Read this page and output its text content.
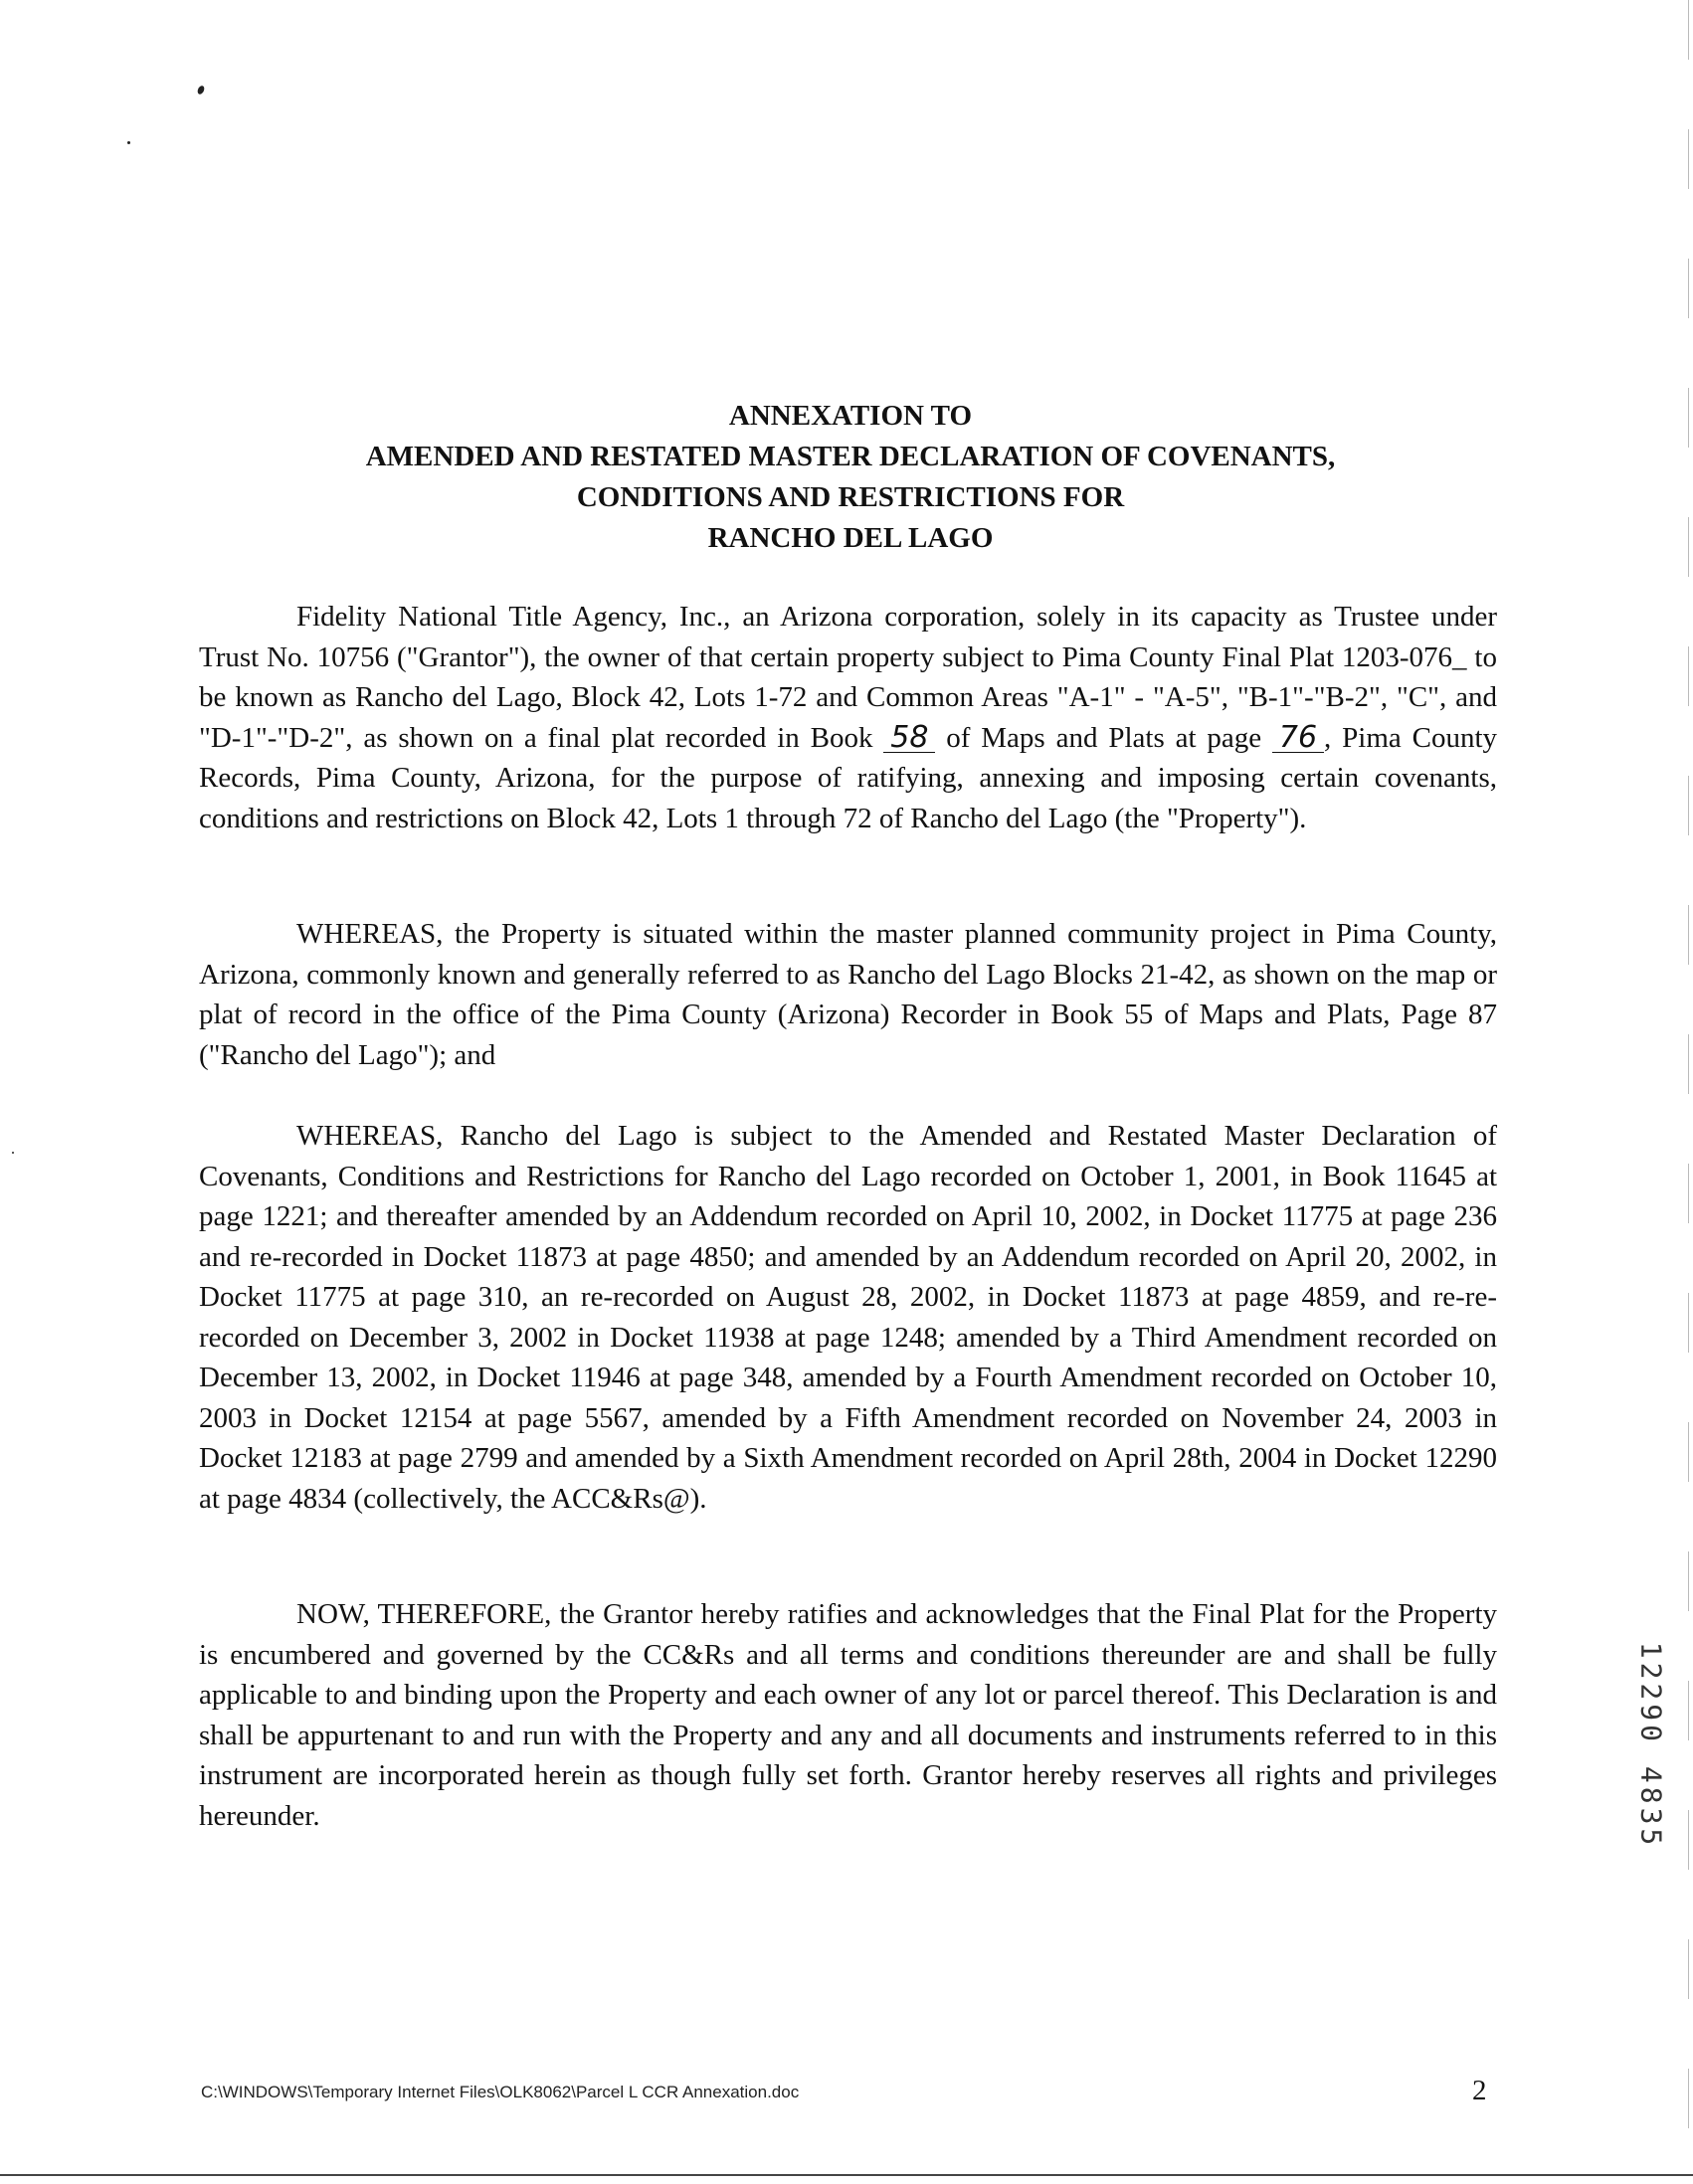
ANNEXATION TO
AMENDED AND RESTATED MASTER DECLARATION OF COVENANTS,
CONDITIONS AND RESTRICTIONS FOR
RANCHO DEL LAGO
Fidelity National Title Agency, Inc., an Arizona corporation, solely in its capacity as Trustee under Trust No. 10756 ("Grantor"), the owner of that certain property subject to Pima County Final Plat 1203-076_ to be known as Rancho del Lago, Block 42, Lots 1-72 and Common Areas "A-1" - "A-5", "B-1"-"B-2", "C", and "D-1"-"D-2", as shown on a final plat recorded in Book 58 of Maps and Plats at page 76 , Pima County Records, Pima County, Arizona, for the purpose of ratifying, annexing and imposing certain covenants, conditions and restrictions on Block 42, Lots 1 through 72 of Rancho del Lago (the "Property").
WHEREAS, the Property is situated within the master planned community project in Pima County, Arizona, commonly known and generally referred to as Rancho del Lago Blocks 21-42, as shown on the map or plat of record in the office of the Pima County (Arizona) Recorder in Book 55 of Maps and Plats, Page 87 ("Rancho del Lago"); and
WHEREAS, Rancho del Lago is subject to the Amended and Restated Master Declaration of Covenants, Conditions and Restrictions for Rancho del Lago recorded on October 1, 2001, in Book 11645 at page 1221; and thereafter amended by an Addendum recorded on April 10, 2002, in Docket 11775 at page 236 and re-recorded in Docket 11873 at page 4850; and amended by an Addendum recorded on April 20, 2002, in Docket 11775 at page 310, an re-recorded on August 28, 2002, in Docket 11873 at page 4859, and re-re-recorded on December 3, 2002 in Docket 11938 at page 1248; amended by a Third Amendment recorded on December 13, 2002, in Docket 11946 at page 348, amended by a Fourth Amendment recorded on October 10, 2003 in Docket 12154 at page 5567, amended by a Fifth Amendment recorded on November 24, 2003 in Docket 12183 at page 2799 and amended by a Sixth Amendment recorded on April 28th, 2004 in Docket 12290 at page 4834 (collectively, the ACC&Rs@).
NOW, THEREFORE, the Grantor hereby ratifies and acknowledges that the Final Plat for the Property is encumbered and governed by the CC&Rs and all terms and conditions thereunder are and shall be fully applicable to and binding upon the Property and each owner of any lot or parcel thereof. This Declaration is and shall be appurtenant to and run with the Property and any and all documents and instruments referred to in this instrument are incorporated herein as though fully set forth. Grantor hereby reserves all rights and privileges hereunder.	12290 4835
C:\WINDOWS\Temporary Internet Files\OLK8062\Parcel L CCR Annexation.doc	2
